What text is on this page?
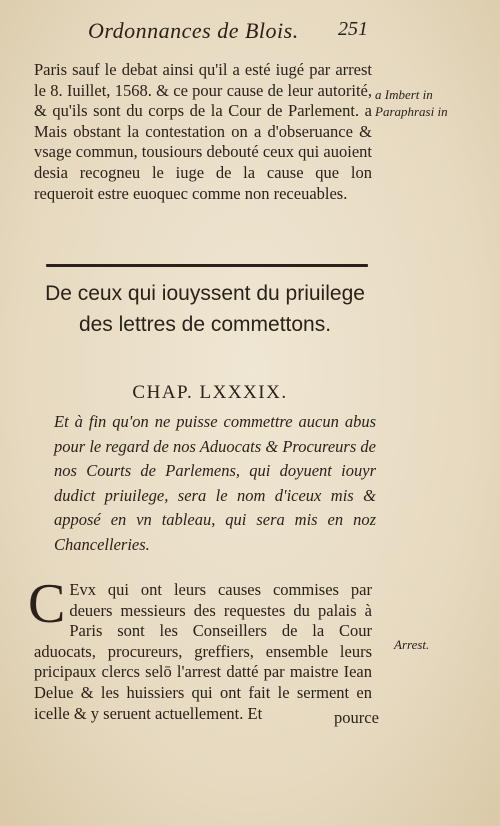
Ordonnances de Blois.	251

Paris sauf le debat ainsi qu'il a esté iugé par arrest le 8. Iuillet, 1568. & ce pour cause de leur autorité, & qu'ils sont du corps de la Cour de Parlement. a Mais obstant la contestation on a d'obseruance & vsage commun, tousiours debouté ceux qui auoient desia recogneu le iuge de la cause que lon requeroit estre euoquec comme non receuables.

a Imbert in Paraphrasi in
De ceux qui iouyssent du priuilege des lettres de commettons.
CHAP. LXXXIX.

Et à fin qu'on ne puisse commettre aucun abus pour le regard de nos Aduocats & Procureurs de nos Courts de Parlemens, qui doyuent iouyr dudict priuilege, sera le nom d'iceux mis & apposé en vn tableau, qui sera mis en noz Chancelleries.

C Evx qui ont leurs causes commises par deuers messieurs des requestes du palais à Paris sont les Conseillers de la Cour aduocats, procureurs, greffiers, ensemble leurs pricipaux clercs selō l'arrest datté par maistre Iean Delue & les huissiers qui ont fait le serment en icelle & y seruent actuellement. Et

Arrest.
pource
